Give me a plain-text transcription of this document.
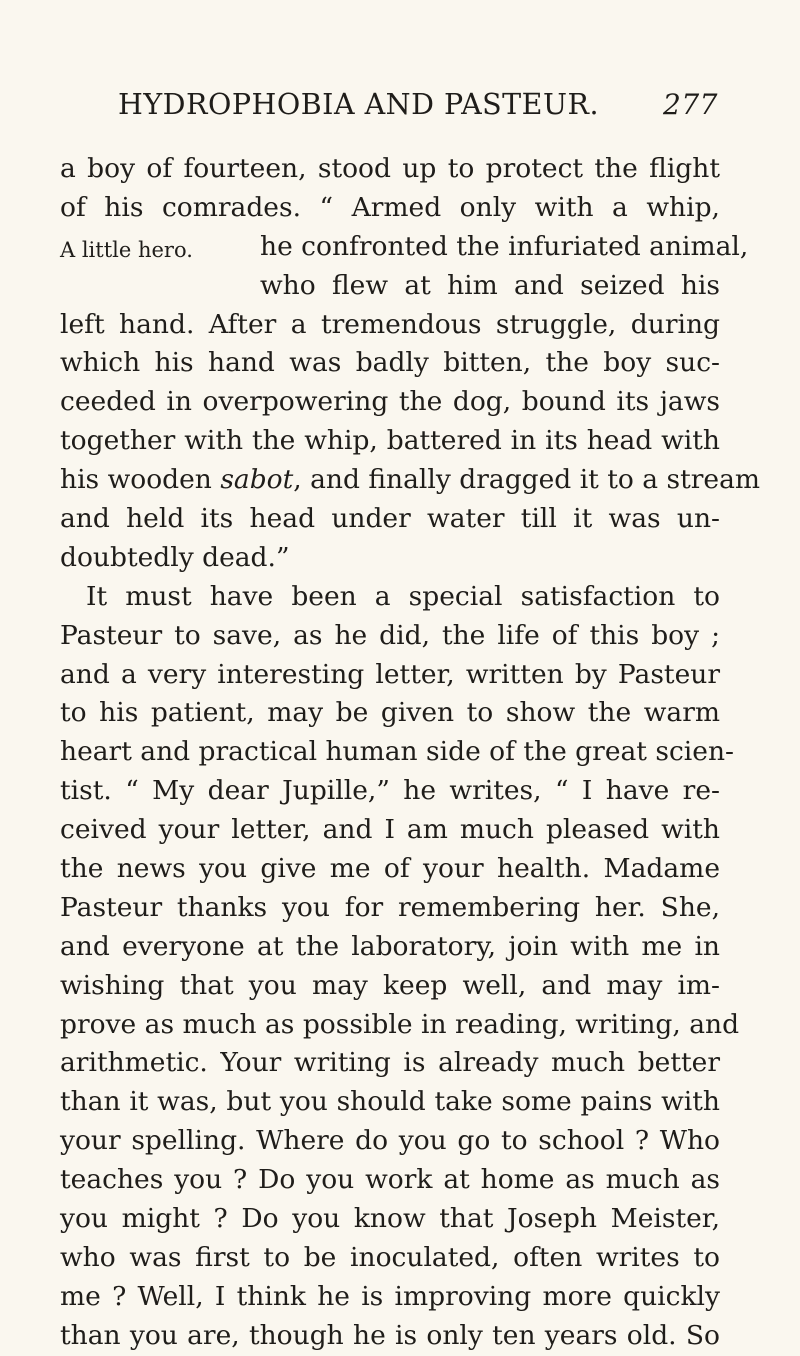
HYDROPHOBIA AND PASTEUR. 277
A little hero.
a boy of fourteen, stood up to protect the flight
of his comrades. “ Armed only with a whip,
he confronted the infuriated animal,
who flew at him and seized his
left hand. After a tremendous struggle, during
which his hand was badly bitten, the boy suc-
ceeded in overpowering the dog, bound its jaws
together with the whip, battered in its head with
his wooden sabot, and finally dragged it to a stream
and held its head under water till it was un-
doubtedly dead.”
It must have been a special satisfaction to
Pasteur to save, as he did, the life of this boy ;
and a very interesting letter, written by Pasteur
to his patient, may be given to show the warm
heart and practical human side of the great scien-
tist. “ My dear Jupille,” he writes, “ I have re-
ceived your letter, and I am much pleased with
the news you give me of your health. Madame
Pasteur thanks you for remembering her. She,
and everyone at the laboratory, join with me in
wishing that you may keep well, and may im-
prove as much as possible in reading, writing, and
arithmetic. Your writing is already much better
than it was, but you should take some pains with
your spelling. Where do you go to school ? Who
teaches you ? Do you work at home as much as
you might ? Do you know that Joseph Meister,
who was first to be inoculated, often writes to
me ? Well, I think he is improving more quickly
than you are, though he is only ten years old. So
